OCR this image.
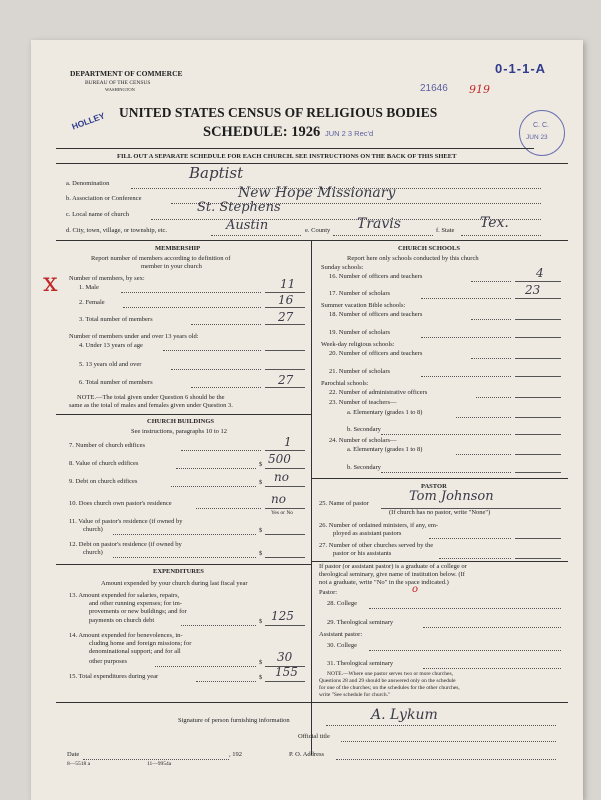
DEPARTMENT OF COMMERCE
BUREAU OF THE CENSUS
WASHINGTON	21646 919
0-1-1-A
HOLLEY UNITED STATES CENSUS OF RELIGIOUS BODIES
SCHEDULE: 1926 JUN 2 3 Rec'd
C. C.
JUN 23
FILL OUT A SEPARATE SCHEDULE FOR EACH CHURCH. SEE INSTRUCTIONS ON THE BACK OF THIS SHEET
a. Denomination
Baptist
b. Association or Conference	New Hope Missionary
c. Local name of church	St. Stephens
d. City, town, village, or township, etc.	Austin	e. County Travis	f. State Tex.
MEMBERSHIP
Report number of members according to definition of
member in your church
Number of members, by sex:
x	1. Male	11
2. Female	16
3. Total number of members	27
Number of members under and over 13 years old:
4. Under 13 years of age
5. 13 years old and over
6. Total number of members	27
NOTE.—The total given under Question 6 should be the
same as the total of males and females given under Question 3.
CHURCH BUILDINGS
See instructions, paragraphs 10 to 12
7. Number of church edifices	1
8. Value of church edifices	$ 500
9. Debt on church edifices	$ no
10. Does church own pastor's residence	no
Yes or No
11. Value of pastor's residence (if owned by
church)	$
12. Debt on pastor's residence (if owned by
church)	$
EXPENDITURES
Amount expended by your church during last fiscal year
13. Amount expended for salaries, repairs,
and other running expenses; for im-
provements or new buildings; and for
payments on church debt	$ 125
14. Amount expended for benevolences, in-
cluding home and foreign missions; for
denominational support; and for all
other purposes	$ 30
15. Total expenditures during year	$ 155
CHURCH SCHOOLS
Report here only schools conducted by this church
Sunday schools:
16. Number of officers and teachers	4
17. Number of scholars	23
Summer vacation Bible schools:
18. Number of officers and teachers
19. Number of scholars
Week-day religious schools:
20. Number of officers and teachers
21. Number of scholars
Parochial schools:
22. Number of administrative officers
23. Number of teachers—
a. Elementary (grades 1 to 8)
b. Secondary
24. Number of scholars—
a. Elementary (grades 1 to 8)
b. Secondary
PASTOR
25. Name of pastor	Tom Johnson
(If church has no pastor, write "None")
26. Number of ordained ministers, if any, em-
ployed as assistant pastors
27. Number of other churches served by the
pastor or his assistants
If pastor (or assistant pastor) is a graduate of a college or
theological seminary, give name of institution below. (If
not a graduate, write "No" in the space indicated.)
Pastor:	o
28. College
29. Theological seminary
Assistant pastor:
30. College
31. Theological seminary
NOTE.—Where one pastor serves two or more churches,
Questions 28 and 29 should be answered only on the schedule
for one of the churches; on the schedules for the other churches,
write "See schedule for church."
Signature of person furnishing information	A. Lykum
Official title
Date	, 192	P. O. Address
8—5518 a	11—9954a
